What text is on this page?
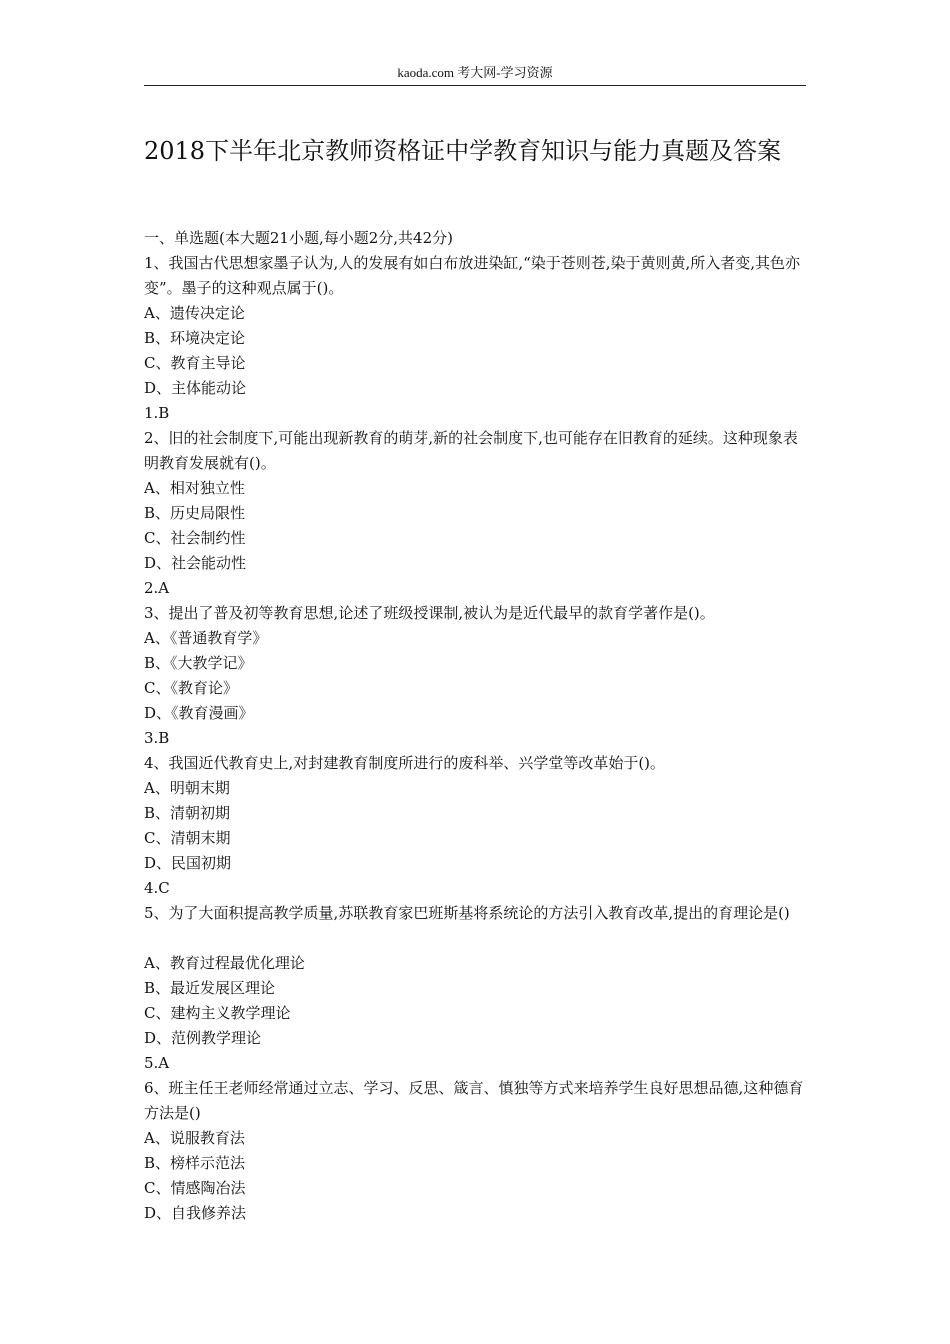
kaoda.com 考大网-学习资源
2018下半年北京教师资格证中学教育知识与能力真题及答案
一、单选题(本大题21小题,每小题2分,共42分)
1、我国古代思想家墨子认为,人的发展有如白布放进染缸,“染于苍则苍,染于黄则黄,所入者变,其色亦变”。墨子的这种观点属于()。
A、遗传决定论
B、环境决定论
C、教育主导论
D、主体能动论
1.B
2、旧的社会制度下,可能出现新教育的萌芽,新的社会制度下,也可能存在旧教育的延续。这种现象表明教育发展就有()。
A、相对独立性
B、历史局限性
C、社会制约性
D、社会能动性
2.A
3、提出了普及初等教育思想,论述了班级授课制,被认为是近代最早的款育学著作是()。
A、《普通教育学》
B、《大教学记》
C、《教育论》
D、《教育漫画》
3.B
4、我国近代教育史上,对封建教育制度所进行的废科举、兴学堂等改革始于()。
A、明朝末期
B、清朝初期
C、清朝末期
D、民国初期
4.C
5、为了大面积提高教学质量,苏联教育家巴班斯基将系统论的方法引入教育改革,提出的育理论是()
A、教育过程最优化理论
B、最近发展区理论
C、建构主义教学理论
D、范例教学理论
5.A
6、班主任王老师经常通过立志、学习、反思、箴言、慎独等方式来培养学生良好思想品德,这种德育方法是()
A、说服教育法
B、榜样示范法
C、情感陶冶法
D、自我修养法
